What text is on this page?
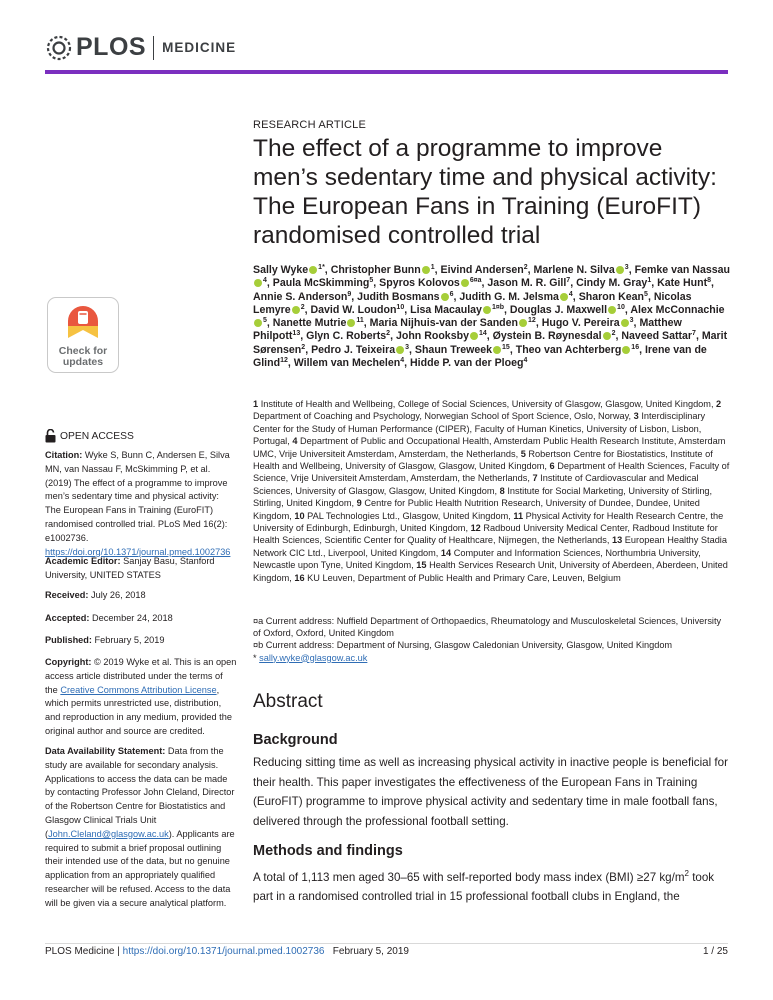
PLOS MEDICINE
Check for
updates
OPEN ACCESS
Citation: Wyke S, Bunn C, Andersen E, Silva MN, van Nassau F, McSkimming P, et al. (2019) The effect of a programme to improve men’s sedentary time and physical activity: The European Fans in Training (EuroFIT) randomised controlled trial. PLoS Med 16(2): e1002736. https://doi.org/10.1371/journal.pmed.1002736
Academic Editor: Sanjay Basu, Stanford University, UNITED STATES
Received: July 26, 2018
Accepted: December 24, 2018
Published: February 5, 2019
Copyright: © 2019 Wyke et al. This is an open access article distributed under the terms of the Creative Commons Attribution License, which permits unrestricted use, distribution, and reproduction in any medium, provided the original author and source are credited.
Data Availability Statement: Data from the study are available for secondary analysis. Applications to access the data can be made by contacting Professor John Cleland, Director of the Robertson Centre for Biostatistics and Glasgow Clinical Trials Unit (John.Cleland@glasgow.ac.uk). Applicants are required to submit a brief proposal outlining their intended use of the data, but no genuine application from an appropriately qualified researcher will be refused. Access to the data will be given via a secure analytical platform.
RESEARCH ARTICLE
The effect of a programme to improve men’s sedentary time and physical activity: The European Fans in Training (EuroFIT) randomised controlled trial
Sally Wyke $^{1*}$, Christopher Bunn $^1$, Eivind Andersen$^2$, Marlene N. Silva $^3$, Femke van Nassau$^4$, Paula McSkimming$^5$, Spyros Kolovos $^{6¤a}$, Jason M. R. Gill$^7$, Cindy M. Gray$^1$, Kate Hunt$^8$, Annie S. Anderson$^9$, Judith Bosmans $^6$, Judith G. M. Jelsma $^4$, Sharon Kean$^5$, Nicolas Lemyre $^2$, David W. Loudon$^{10}$, Lisa Macaulay $^{1¤b}$, Douglas J. Maxwell $^{10}$, Alex McConnachie$^5$, Nanette Mutrie $^{11}$, Maria Nijhuis-van der Sanden $^{12}$, Hugo V. Pereira $^3$, Matthew Philpott$^{13}$, Glyn C. Roberts$^2$, John Rooksby $^{14}$, Øystein B. Røynesdal $^2$, Naveed Sattar$^7$, Marit Sørensen$^2$, Pedro J. Teixeira $^3$, Shaun Treweek $^{15}$, Theo van Achterberg $^{16}$, Irene van de Glind$^{12}$, Willem van Mechelen$^4$, Hidde P. van der Ploeg$^4$
1 Institute of Health and Wellbeing, College of Social Sciences, University of Glasgow, Glasgow, United Kingdom, 2 Department of Coaching and Psychology, Norwegian School of Sport Science, Oslo, Norway, 3 Interdisciplinary Center for the Study of Human Performance (CIPER), Faculty of Human Kinetics, University of Lisbon, Lisbon, Portugal, 4 Department of Public and Occupational Health, Amsterdam Public Health Research Institute, Amsterdam UMC, Vrije Universiteit Amsterdam, Amsterdam, the Netherlands, 5 Robertson Centre for Biostatistics, Institute of Health and Wellbeing, University of Glasgow, Glasgow, United Kingdom, 6 Department of Health Sciences, Faculty of Science, Vrije Universiteit Amsterdam, Amsterdam, the Netherlands, 7 Institute of Cardiovascular and Medical Sciences, University of Glasgow, Glasgow, United Kingdom, 8 Institute for Social Marketing, University of Stirling, Stirling, United Kingdom, 9 Centre for Public Health Nutrition Research, University of Dundee, Dundee, United Kingdom, 10 PAL Technologies Ltd., Glasgow, United Kingdom, 11 Physical Activity for Health Research Centre, the University of Edinburgh, Edinburgh, United Kingdom, 12 Radboud University Medical Center, Radboud Institute for Health Sciences, Scientific Center for Quality of Healthcare, Nijmegen, the Netherlands, 13 European Healthy Stadia Network CIC Ltd., Liverpool, United Kingdom, 14 Computer and Information Sciences, Northumbria University, Newcastle upon Tyne, United Kingdom, 15 Health Services Research Unit, University of Aberdeen, Aberdeen, United Kingdom, 16 KU Leuven, Department of Public Health and Primary Care, Leuven, Belgium
¤a Current address: Nuffield Department of Orthopaedics, Rheumatology and Musculoskeletal Sciences, University of Oxford, Oxford, United Kingdom
¤b Current address: Department of Nursing, Glasgow Caledonian University, Glasgow, United Kingdom
* sally.wyke@glasgow.ac.uk
Abstract
Background
Reducing sitting time as well as increasing physical activity in inactive people is beneficial for their health. This paper investigates the effectiveness of the European Fans in Training (EuroFIT) programme to improve physical activity and sedentary time in male football fans, delivered through the professional football setting.
Methods and findings
A total of 1,113 men aged 30–65 with self-reported body mass index (BMI) ≥27 $kg/m^2$ took part in a randomised controlled trial in 15 professional football clubs in England, the
PLOS Medicine | https://doi.org/10.1371/journal.pmed.1002736   February 5, 2019	1 / 25
